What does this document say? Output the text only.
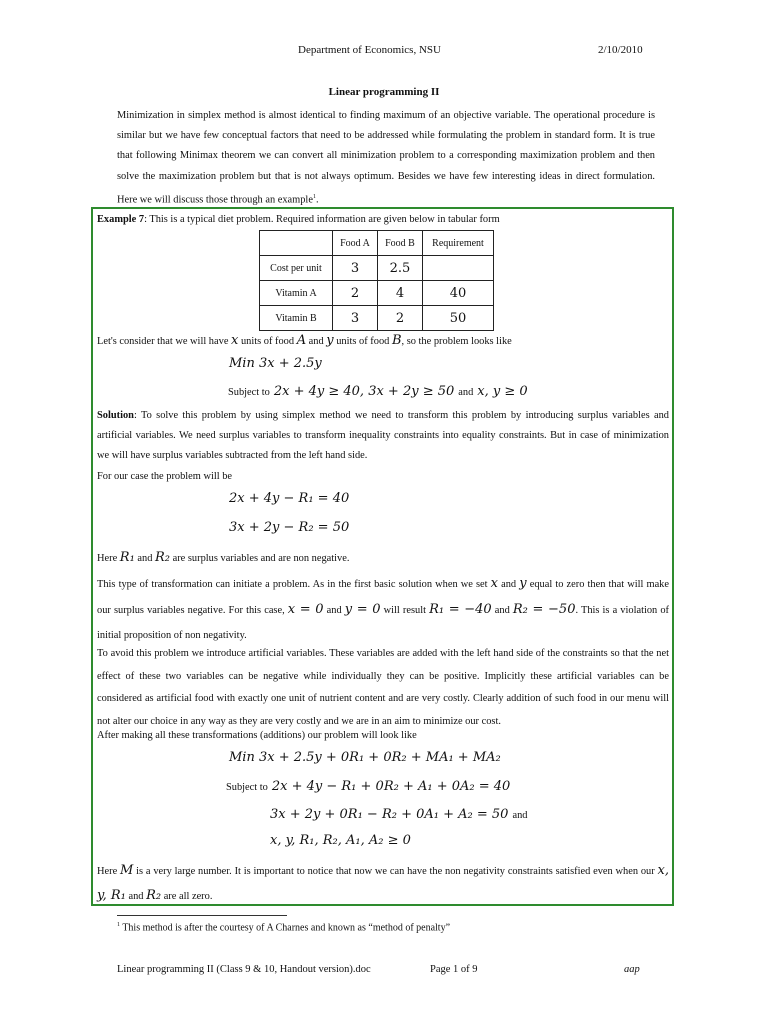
Department of Economics, NSU	2/10/2010
Linear programming II
Minimization in simplex method is almost identical to finding maximum of an objective variable. The operational procedure is similar but we have few conceptual factors that need to be addressed while formulating the problem in standard form. It is true that following Minimax theorem we can convert all minimization problem to a corresponding maximization problem and then solve the maximization problem but that is not always optimum. Besides we have few interesting ideas in direct formulation. Here we will discuss those through an example$^1$.
Example 7: This is a typical diet problem. Required information are given below in tabular form
	Food A	Food B	Requirement
Cost per unit	3	2.5	
Vitamin A	2	4	40
Vitamin B	3	2	50
Let's consider that we will have x units of food A and y units of food B, so the problem looks like
Min 3x + 2.5y
Subject to 2x + 4y ≥ 40, 3x + 2y ≥ 50 and x, y ≥ 0
Solution: To solve this problem by using simplex method we need to transform this problem by introducing surplus variables and artificial variables. We need surplus variables to transform inequality constraints into equality constraints. But in case of minimization we will have surplus variables subtracted from the left hand side.
For our case the problem will be
2x + 4y − R₁ = 40
3x + 2y − R₂ = 50
Here R₁ and R₂ are surplus variables and are non negative.
This type of transformation can initiate a problem. As in the first basic solution when we set x and y equal to zero then that will make our surplus variables negative. For this case, x = 0 and y = 0 will result R₁ = −40 and R₂ = −50. This is a violation of initial proposition of non negativity.
To avoid this problem we introduce artificial variables. These variables are added with the left hand side of the constraints so that the net effect of these two variables can be negative while individually they can be positive. Implicitly these artificial variables can be considered as artificial food with exactly one unit of nutrient content and are very costly. Clearly addition of such food in our menu will not alter our choice in any way as they are very costly and we are in an aim to minimize our cost.
After making all these transformations (additions) our problem will look like
Min 3x + 2.5y + 0R₁ + 0R₂ + MA₁ + MA₂
Subject to 2x + 4y − R₁ + 0R₂ + A₁ + 0A₂ = 40
3x + 2y + 0R₁ − R₂ + 0A₁ + A₂ = 50 and
x, y, R₁, R₂, A₁, A₂ ≥ 0
Here M is a very large number. It is important to notice that now we can have the non negativity constraints satisfied even when our x, y, R₁ and R₂ are all zero.
$^1$ This method is after the courtesy of A Charnes and known as “method of penalty”
Linear programming II (Class 9 & 10, Handout version).doc	Page 1 of 9	aap
